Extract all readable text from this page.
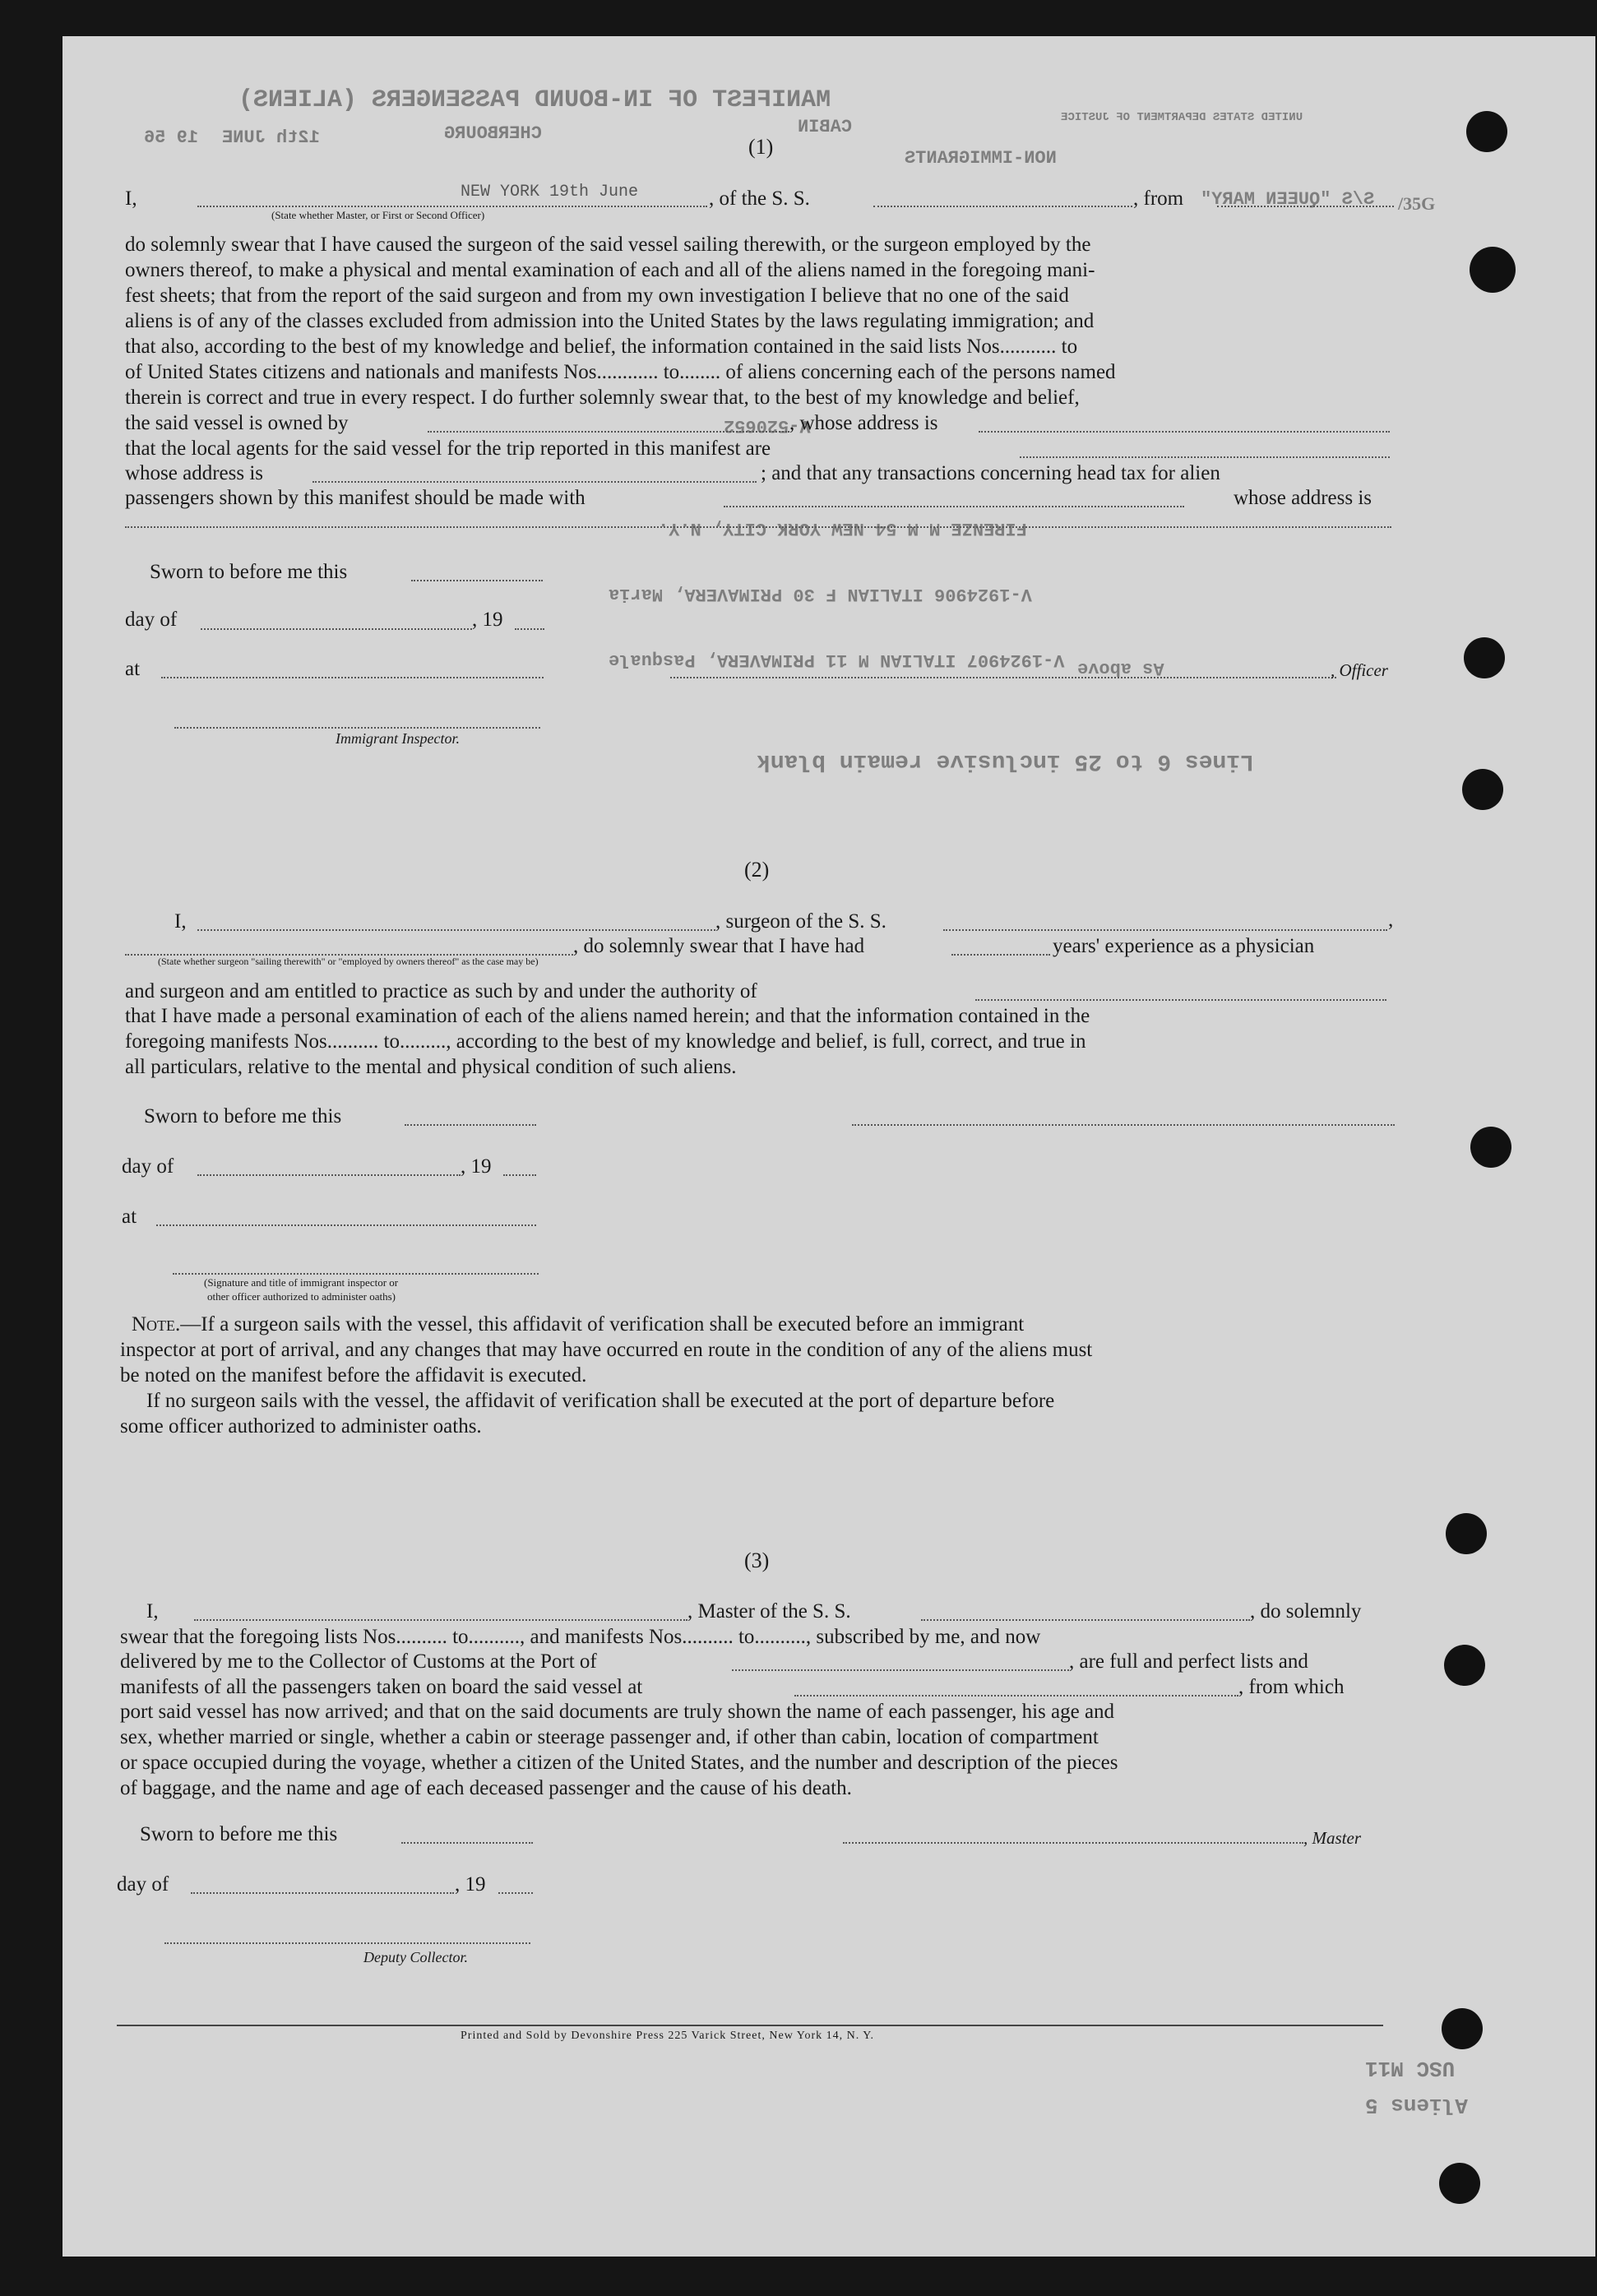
MANIFEST OF IN-BOUND PASSENGERS (ALIENS)
12th JUNE
19 56	CHERBOURG	CABIN
NON-IMMIGRANTS
S/S "QUEEN MARY"
UNITED STATES DEPARTMENT OF JUSTICE
/35G
V-520652
FIRENZE M M 54 NEW YORK CITY, N.Y.
V-1924906 ITALIAN F 30 PRIMAVERA, Maria
V-1924907 ITALIAN M 11 PRIMAVERA, Pasquale As above
Lines 6 to 25 inclusive remain blank
USC M11
Aliens 5
(1)
I,	NEW YORK 19th June	, of the S. S.	, from
(State whether Master, or First or Second Officer)
do solemnly swear that I have caused the surgeon of the said vessel sailing therewith, or the surgeon employed by the
owners thereof, to make a physical and mental examination of each and all of the aliens named in the foregoing mani-
fest sheets; that from the report of the said surgeon and from my own investigation I believe that no one of the said
aliens is of any of the classes excluded from admission into the United States by the laws regulating immigration; and
that also, according to the best of my knowledge and belief, the information contained in the said lists Nos........... to
of United States citizens and nationals and manifests Nos............ to........ of aliens concerning each of the persons named
therein is correct and true in every respect. I do further solemnly swear that, to the best of my knowledge and belief,
the said vessel is owned by	, whose address is
that the local agents for the said vessel for the trip reported in this manifest are
whose address is	; and that any transactions concerning head tax for alien
passengers shown by this manifest should be made with	whose address is
Sworn to before me this
day of	, 19
at	, Officer
Immigrant Inspector.
(2)
I,	, surgeon of the S. S.	,
, do solemnly swear that I have had	years' experience as a physician
(State whether surgeon "sailing therewith" or "employed by owners thereof" as the case may be)
and surgeon and am entitled to practice as such by and under the authority of
that I have made a personal examination of each of the aliens named herein; and that the information contained in the
foregoing manifests Nos.......... to........., according to the best of my knowledge and belief, is full, correct, and true in
all particulars, relative to the mental and physical condition of such aliens.
Sworn to before me this
day of	, 19
at
(Signature and title of immigrant inspector or
other officer authorized to administer oaths)
Note.—If a surgeon sails with the vessel, this affidavit of verification shall be executed before an immigrant
inspector at port of arrival, and any changes that may have occurred en route in the condition of any of the aliens must
be noted on the manifest before the affidavit is executed.
If no surgeon sails with the vessel, the affidavit of verification shall be executed at the port of departure before
some officer authorized to administer oaths.
(3)
I,	, Master of the S. S.	, do solemnly
swear that the foregoing lists Nos.......... to.........., and manifests Nos.......... to.........., subscribed by me, and now
delivered by me to the Collector of Customs at the Port of	, are full and perfect lists and
manifests of all the passengers taken on board the said vessel at	, from which
port said vessel has now arrived; and that on the said documents are truly shown the name of each passenger, his age and
sex, whether married or single, whether a cabin or steerage passenger and, if other than cabin, location of compartment
or space occupied during the voyage, whether a citizen of the United States, and the number and description of the pieces
of baggage, and the name and age of each deceased passenger and the cause of his death.
Sworn to before me this	, Master
day of	, 19
Deputy Collector.
Printed and Sold by Devonshire Press 225 Varick Street, New York 14, N. Y.
